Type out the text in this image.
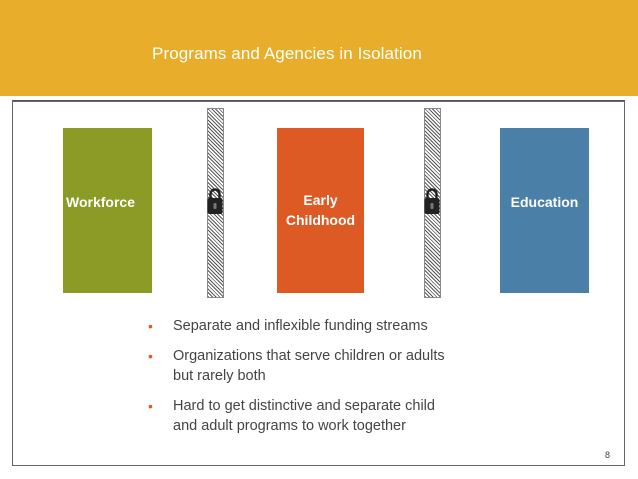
Programs and Agencies in Isolation
Workforce	Early
Childhood
Education
• Separate and inflexible funding streams
• Organizations that serve children or adults
but rarely both
• Hard to get distinctive and separate child
and adult programs to work together
8
